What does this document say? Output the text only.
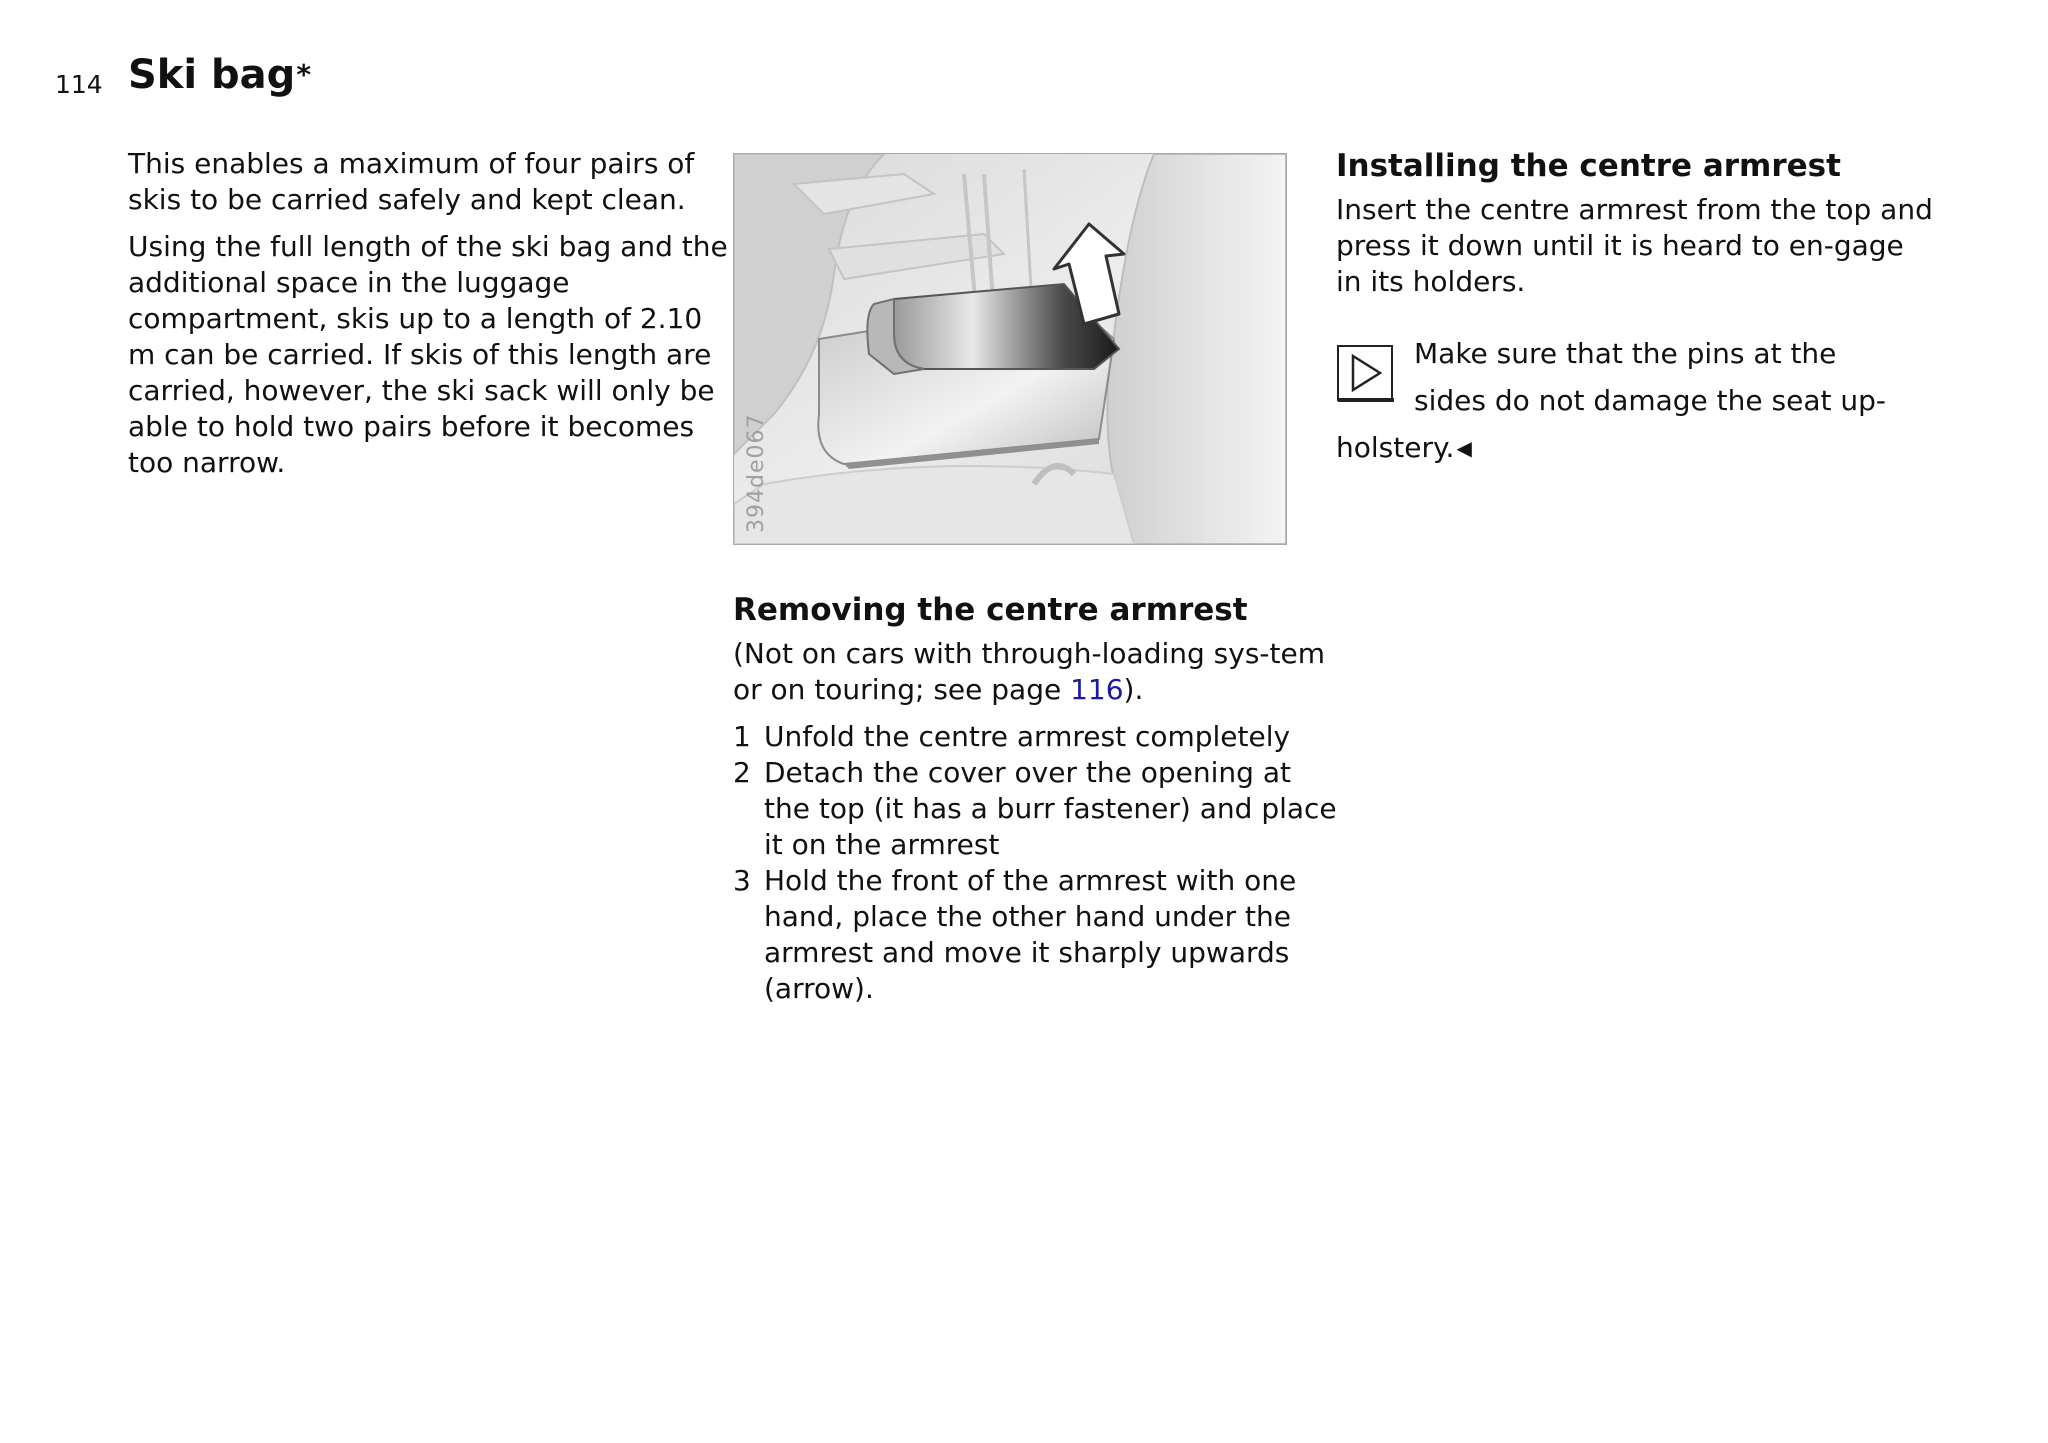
114 Ski bag*

This enables a maximum of four pairs of skis to be carried safely and kept clean.

Using the full length of the ski bag and the additional space in the luggage compartment, skis up to a length of 2.10 m can be carried. If skis of this length are carried, however, the ski sack will only be able to hold two pairs before it becomes too narrow.	394de067
Removing the centre armrest

(Not on cars with through-loading sys-tem or on touring; see page 116).

1 Unfold the centre armrest completely
2 Detach the cover over the opening at the top (it has a burr fastener) and place it on the armrest
3 Hold the front of the armrest with one hand, place the other hand under the armrest and move it sharply upwards (arrow).
Installing the centre armrest

Insert the centre armrest from the top and press it down until it is heard to en-gage in its holders.

Make sure that the pins at the

sides do not damage the seat up-

holstery. ◀
